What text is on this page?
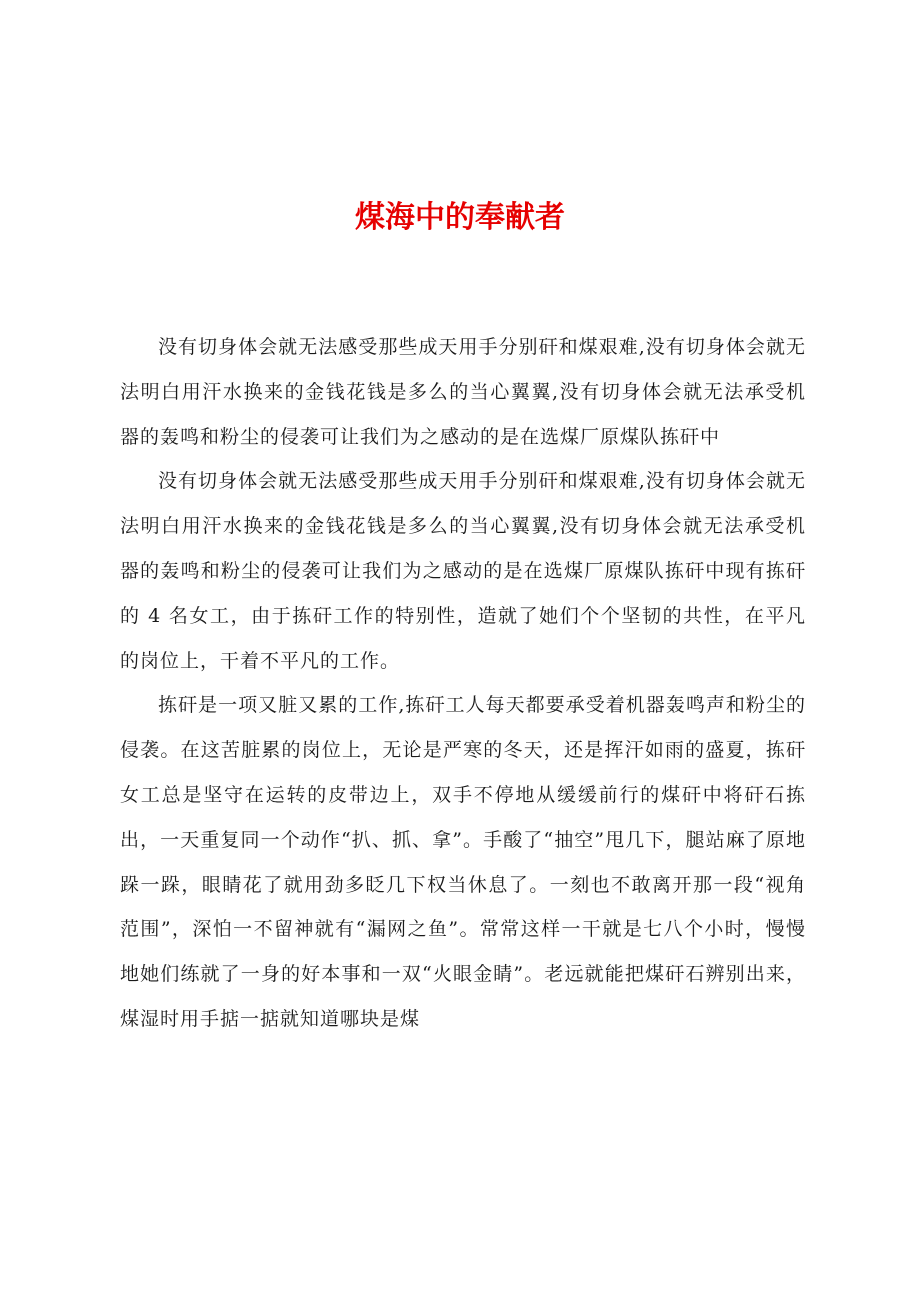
煤海中的奉献者

没有切身体会就无法感受那些成天用手分别矸和煤艰难,没有切身体会就无法明白用汗水换来的金钱花钱是多么的当心翼翼,没有切身体会就无法承受机器的轰鸣和粉尘的侵袭可让我们为之感动的是在选煤厂原煤队拣矸中

没有切身体会就无法感受那些成天用手分别矸和煤艰难,没有切身体会就无法明白用汗水换来的金钱花钱是多么的当心翼翼,没有切身体会就无法承受机器的轰鸣和粉尘的侵袭可让我们为之感动的是在选煤厂原煤队拣矸中现有拣矸的 4 名女工，由于拣矸工作的特别性，造就了她们个个坚韧的共性，在平凡的岗位上，干着不平凡的工作。

拣矸是一项又脏又累的工作,拣矸工人每天都要承受着机器轰鸣声和粉尘的侵袭。在这苦脏累的岗位上，无论是严寒的冬天，还是挥汗如雨的盛夏，拣矸女工总是坚守在运转的皮带边上，双手不停地从缓缓前行的煤矸中将矸石拣出，一天重复同一个动作“扒、抓、拿”。手酸了“抽空”甩几下，腿站麻了原地跺一跺，眼睛花了就用劲多眨几下权当休息了。一刻也不敢离开那一段“视角范围”，深怕一不留神就有“漏网之鱼”。常常这样一干就是七八个小时，慢慢地她们练就了一身的好本事和一双“火眼金睛”。老远就能把煤矸石辨别出来，煤湿时用手掂一掂就知道哪块是煤
